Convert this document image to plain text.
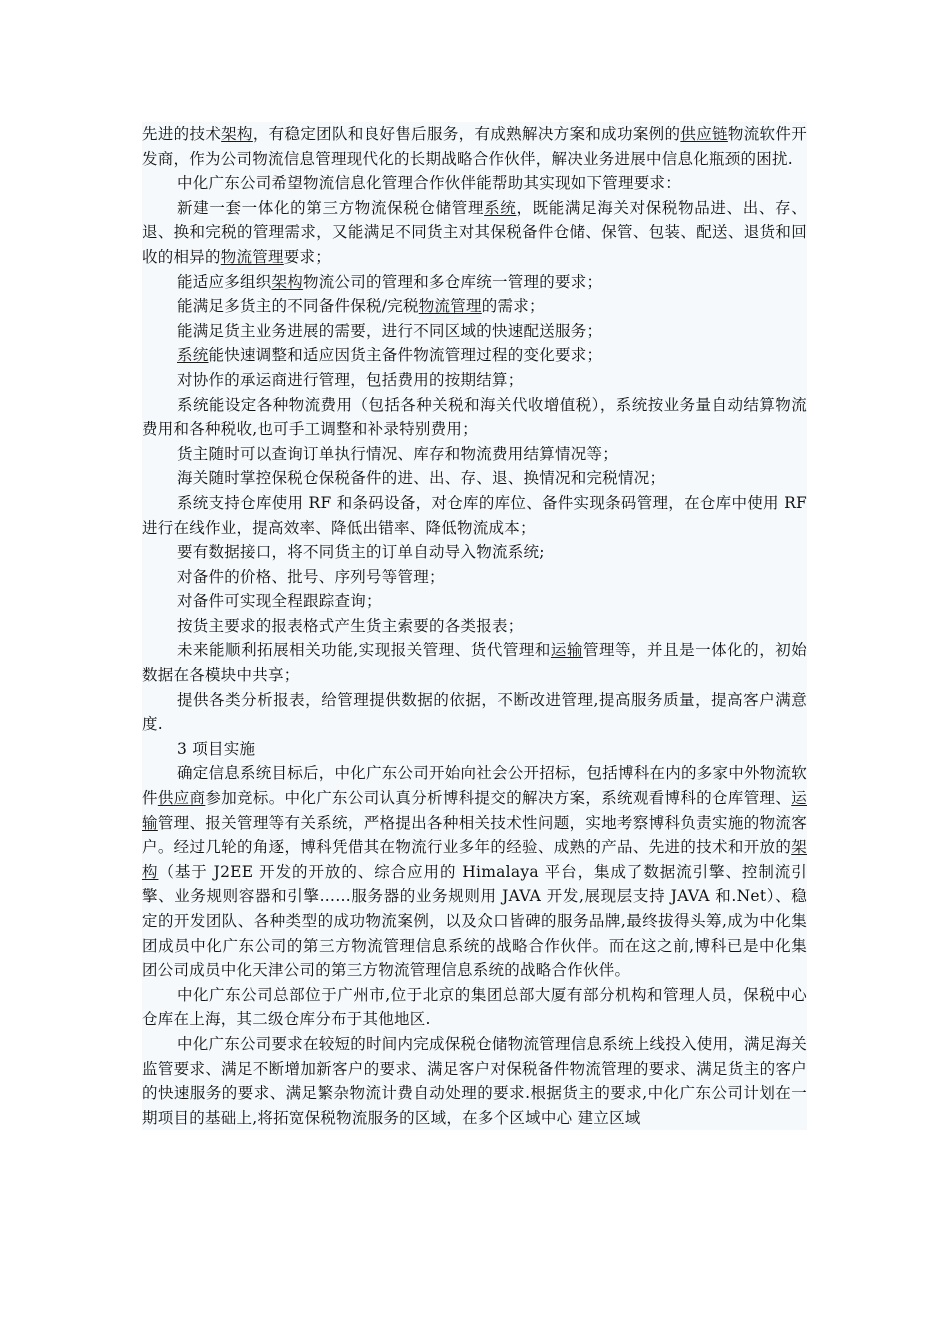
先进的技术架构，有稳定团队和良好售后服务，有成熟解决方案和成功案例的供应链物流软件开发商，作为公司物流信息管理现代化的长期战略合作伙伴，解决业务进展中信息化瓶颈的困扰.

中化广东公司希望物流信息化管理合作伙伴能帮助其实现如下管理要求：

新建一套一体化的第三方物流保税仓储管理系统，既能满足海关对保税物品进、出、存、退、换和完税的管理需求，又能满足不同货主对其保税备件仓储、保管、包装、配送、退货和回收的相异的物流管理要求；

能适应多组织架构物流公司的管理和多仓库统一管理的要求；

能满足多货主的不同备件保税/完税物流管理的需求；

能满足货主业务进展的需要，进行不同区域的快速配送服务；

系统能快速调整和适应因货主备件物流管理过程的变化要求；

对协作的承运商进行管理，包括费用的按期结算；

系统能设定各种物流费用（包括各种关税和海关代收增值税），系统按业务量自动结算物流费用和各种税收,也可手工调整和补录特别费用；

货主随时可以查询订单执行情况、库存和物流费用结算情况等；

海关随时掌控保税仓保税备件的进、出、存、退、换情况和完税情况；

系统支持仓库使用 RF 和条码设备，对仓库的库位、备件实现条码管理，在仓库中使用 RF 进行在线作业，提高效率、降低出错率、降低物流成本；

要有数据接口，将不同货主的订单自动导入物流系统;

对备件的价格、批号、序列号等管理；

对备件可实现全程跟踪查询；

按货主要求的报表格式产生货主索要的各类报表；

未来能顺利拓展相关功能,实现报关管理、货代管理和运输管理等，并且是一体化的，初始数据在各模块中共享；

提供各类分析报表，给管理提供数据的依据，不断改进管理,提高服务质量，提高客户满意度.

3 项目实施

确定信息系统目标后，中化广东公司开始向社会公开招标，包括博科在内的多家中外物流软件供应商参加竞标。中化广东公司认真分析博科提交的解决方案，系统观看博科的仓库管理、运输管理、报关管理等有关系统，严格提出各种相关技术性问题，实地考察博科负责实施的物流客户。经过几轮的角逐，博科凭借其在物流行业多年的经验、成熟的产品、先进的技术和开放的架构（基于 J2EE 开发的开放的、综合应用的 Himalaya 平台，集成了数据流引擎、控制流引擎、业务规则容器和引擎……服务器的业务规则用 JAVA 开发,展现层支持 JAVA 和.Net）、稳定的开发团队、各种类型的成功物流案例，以及众口皆碑的服务品牌,最终拔得头筹,成为中化集团成员中化广东公司的第三方物流管理信息系统的战略合作伙伴。而在这之前,博科已是中化集团公司成员中化天津公司的第三方物流管理信息系统的战略合作伙伴。

中化广东公司总部位于广州市,位于北京的集团总部大厦有部分机构和管理人员，保税中心仓库在上海，其二级仓库分布于其他地区.

中化广东公司要求在较短的时间内完成保税仓储物流管理信息系统上线投入使用，满足海关监管要求、满足不断增加新客户的要求、满足客户对保税备件物流管理的要求、满足货主的客户的快速服务的要求、满足繁杂物流计费自动处理的要求.根据货主的要求,中化广东公司计划在一期项目的基础上,将拓宽保税物流服务的区域，在多个区域中心 建立区域
